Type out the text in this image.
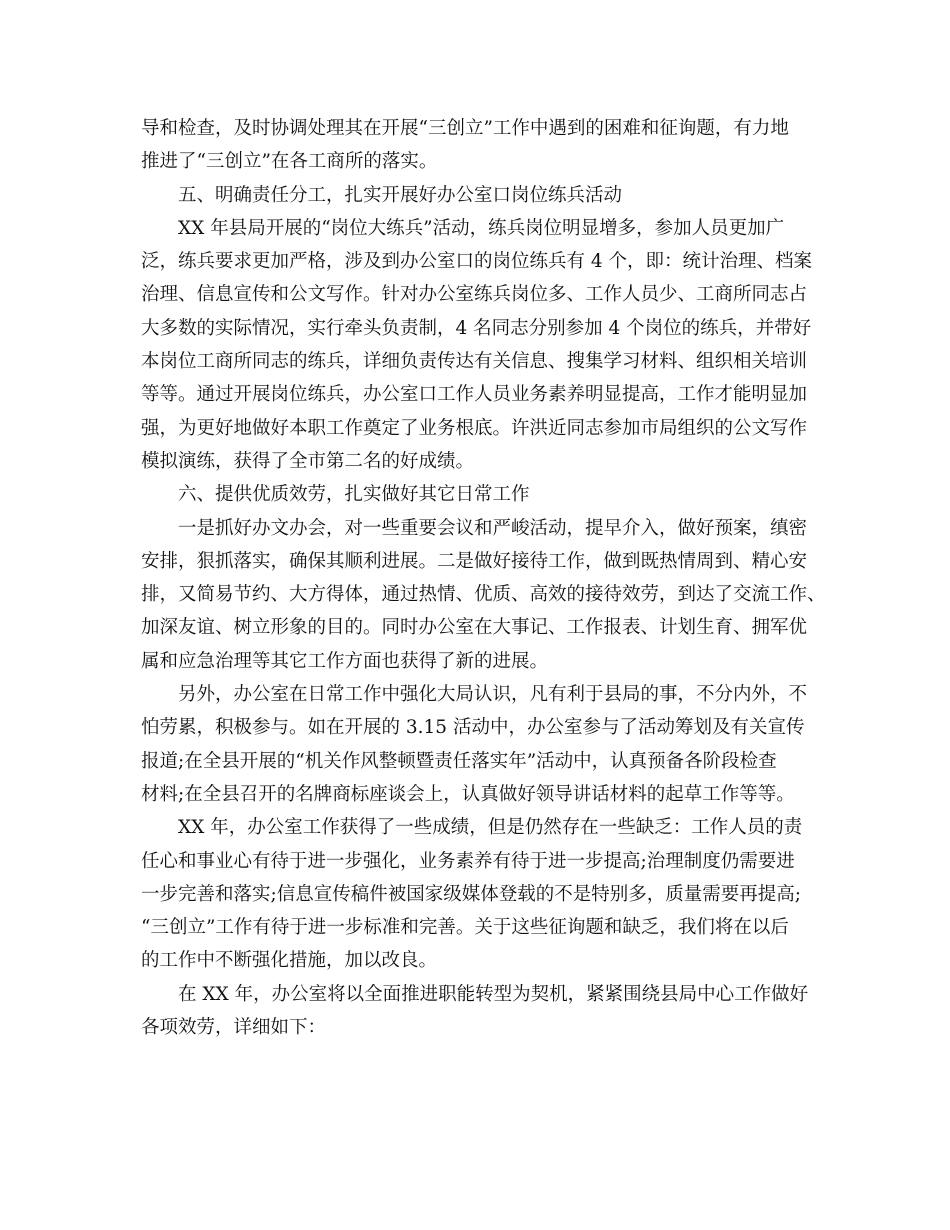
导和检查，及时协调处理其在开展“三创立”工作中遇到的困难和征询题，有力地
推进了“三创立”在各工商所的落实。
五、明确责任分工，扎实开展好办公室口岗位练兵活动
XX 年县局开展的“岗位大练兵”活动，练兵岗位明显增多，参加人员更加广
泛，练兵要求更加严格，涉及到办公室口的岗位练兵有 4 个，即：统计治理、档案
治理、信息宣传和公文写作。针对办公室练兵岗位多、工作人员少、工商所同志占
大多数的实际情况，实行牵头负责制，4 名同志分别参加 4 个岗位的练兵，并带好
本岗位工商所同志的练兵，详细负责传达有关信息、搜集学习材料、组织相关培训
等等。通过开展岗位练兵，办公室口工作人员业务素养明显提高，工作才能明显加
强，为更好地做好本职工作奠定了业务根底。许洪近同志参加市局组织的公文写作
模拟演练，获得了全市第二名的好成绩。
六、提供优质效劳，扎实做好其它日常工作
一是抓好办文办会，对一些重要会议和严峻活动，提早介入，做好预案，缜密
安排，狠抓落实，确保其顺利进展。二是做好接待工作，做到既热情周到、精心安
排，又简易节约、大方得体，通过热情、优质、高效的接待效劳，到达了交流工作、
加深友谊、树立形象的目的。同时办公室在大事记、工作报表、计划生育、拥军优
属和应急治理等其它工作方面也获得了新的进展。
另外，办公室在日常工作中强化大局认识，凡有利于县局的事，不分内外，不
怕劳累，积极参与。如在开展的 3.15 活动中，办公室参与了活动筹划及有关宣传
报道;在全县开展的“机关作风整顿暨责任落实年”活动中，认真预备各阶段检查
材料;在全县召开的名牌商标座谈会上，认真做好领导讲话材料的起草工作等等。
XX 年，办公室工作获得了一些成绩，但是仍然存在一些缺乏：工作人员的责
任心和事业心有待于进一步强化，业务素养有待于进一步提高;治理制度仍需要进
一步完善和落实;信息宣传稿件被国家级媒体登载的不是特别多，质量需要再提高;
“三创立”工作有待于进一步标准和完善。关于这些征询题和缺乏，我们将在以后
的工作中不断强化措施，加以改良。
在 XX 年，办公室将以全面推进职能转型为契机，紧紧围绕县局中心工作做好
各项效劳，详细如下：
